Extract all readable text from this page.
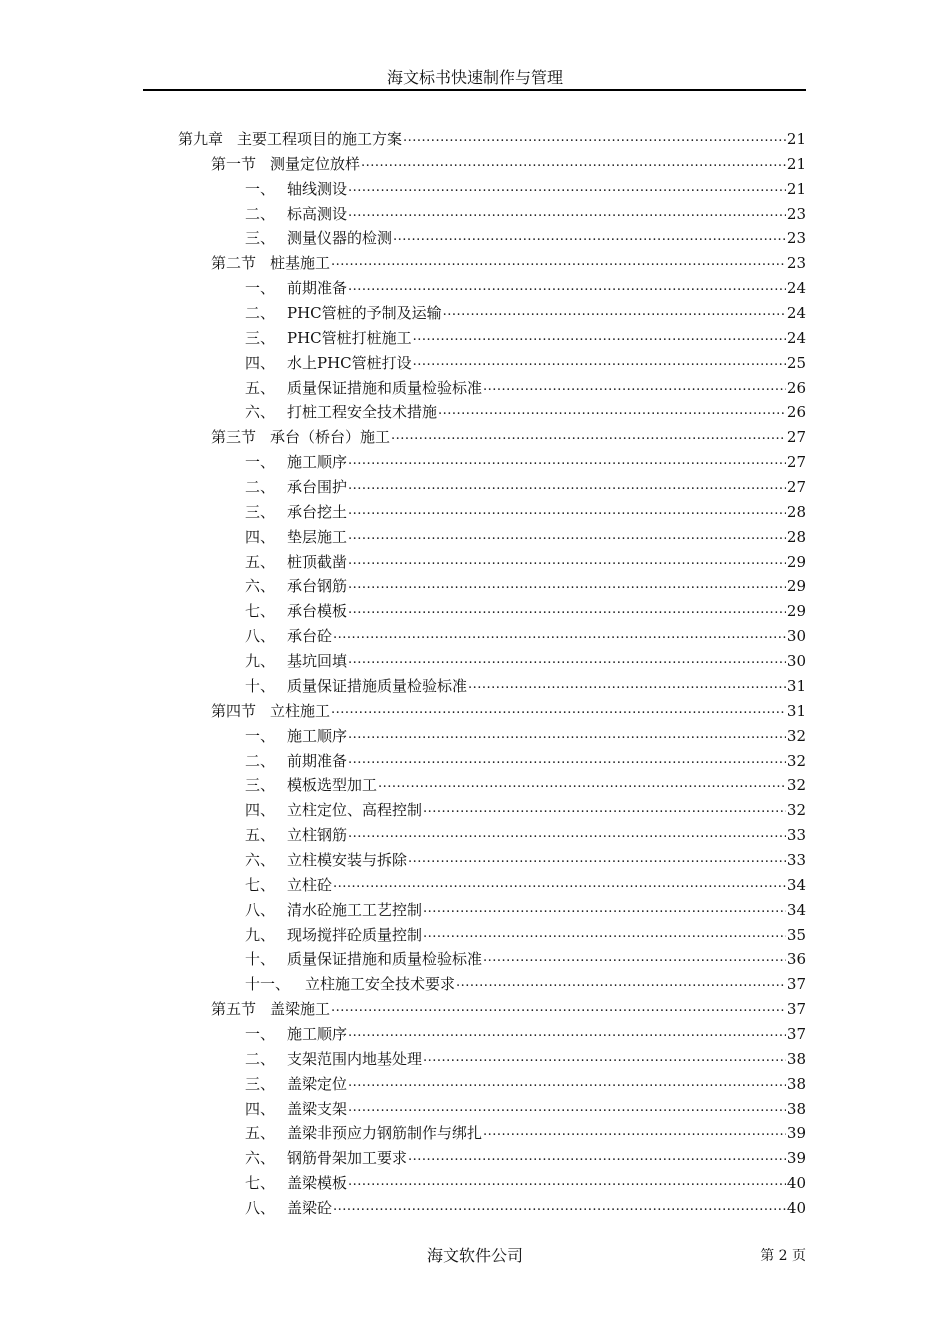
海文标书快速制作与管理
第九章 主要工程项目的施工方案 .....	21
第一节 测量定位放样 .....	21
一、 轴线测设 .....	21
二、 标高测设 .....	23
三、 测量仪器的检测 .....	23
第二节 桩基施工 .....	23
一、 前期准备 .....	24
二、 PHC管桩的予制及运输 .....	24
三、 PHC管桩打桩施工 .....	24
四、 水上PHC管桩打设 .....	25
五、 质量保证措施和质量检验标准 .....	26
六、 打桩工程安全技术措施 .....	26
第三节 承台（桥台）施工 .....	27
一、 施工顺序 .....	27
二、 承台围护 .....	27
三、 承台挖土 .....	28
四、 垫层施工 .....	28
五、 桩顶截凿 .....	29
六、 承台钢筋 .....	29
七、 承台模板 .....	29
八、 承台砼 .....	30
九、 基坑回填 .....	30
十、 质量保证措施质量检验标准 .....	31
第四节 立柱施工 .....	31
一、 施工顺序 .....	32
二、 前期准备 .....	32
三、 模板选型加工 .....	32
四、 立柱定位、高程控制 .....	32
五、 立柱钢筋 .....	33
六、 立柱模安装与拆除 .....	33
七、 立柱砼 .....	34
八、 清水砼施工工艺控制 .....	34
九、 现场搅拌砼质量控制 .....	35
十、 质量保证措施和质量检验标准 .....	36
十一、 立柱施工安全技术要求 .....	37
第五节 盖梁施工 .....	37
一、 施工顺序 .....	37
二、 支架范围内地基处理 .....	38
三、 盖梁定位 .....	38
四、 盖梁支架 .....	38
五、 盖梁非预应力钢筋制作与绑扎 .....	39
六、 钢筋骨架加工要求 .....	39
七、 盖梁模板 .....	40
八、 盖梁砼 .....	40
海文软件公司	第 2 页
